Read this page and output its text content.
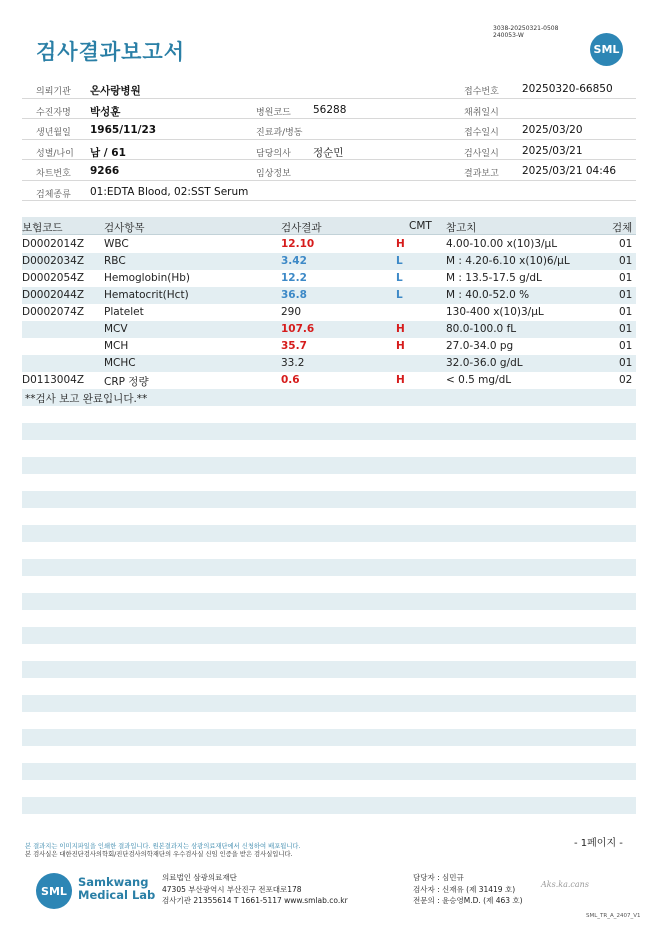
검사결과보고서
3038-20250321-0508
240053-W
SML
의뢰기관 온사랑병원	접수번호 20250320-66850
수진자명 박성훈	병원코드 56288	채취일시
생년월일 1965/11/23	진료과/병동	접수일시 2025/03/20
성별/나이 남 / 61	담당의사 정순민	검사일시 2025/03/21
차트번호 9266	임상정보	결과보고 2025/03/21 04:46
검체종류 01:EDTA Blood, 02:SST Serum
보험코드	검사항목	검사결과	CMT 참고치	검체
D0002014Z WBC	12.10	H	4.00-10.00 x(10)3/μL	01
D0002034Z RBC	3.42	L	M : 4.20-6.10 x(10)6/μL	01
D0002054Z Hemoglobin(Hb)	12.2	L	M : 13.5-17.5 g/dL	01
D0002044Z Hematocrit(Hct)	36.8	L	M : 40.0-52.0 %	01
D0002074Z Platelet	290	130-400 x(10)3/μL	01
MCV	107.6	H	80.0-100.0 fL	01
MCH	35.7	H	27.0-34.0 pg	01
MCHC	33.2	32.0-36.0 g/dL	01
D0113004Z CRP 정량	0.6	H	< 0.5 mg/dL	02
**검사 보고 완료입니다.**
- 1페이지 -
본 결과지는 이미지파일을 인쇄한 결과입니다. 원본결과지는 삼광의료재단에서 신청하여 배포됩니다.
본 검사실은 대한진단검사의학회/진단검사의학재단의 우수검사실 신임 인증을 받은 검사실입니다.
SML
Samkwang
Medical Lab
의료법인 삼광의료재단
47305 부산광역시 부산진구 전포대로178
검사기관 21355614 T 1661-5117 www.smlab.co.kr
담당자 : 심민규
검사자 : 신재유 (제 31419 호)
전문의 : 윤승영M.D. (제 463 호)
Aks.ka.cans
SML_TR_A_2407_V1
